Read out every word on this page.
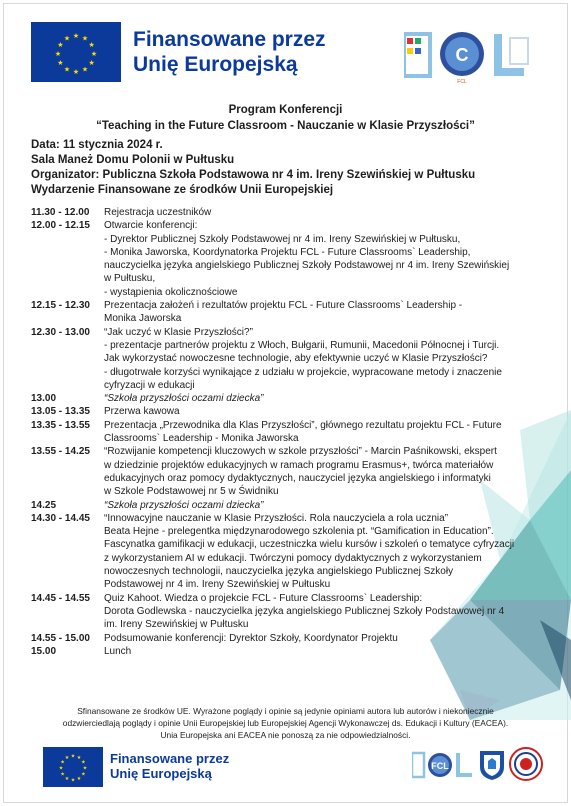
★ ★
★
★
★
★
★
★
★
★
★
★	Finansowane przez
Unię Europejską	C
FCL
Program Konferencji
“Teaching in the Future Classroom - Nauczanie w Klasie Przyszłości”
Data: 11 stycznia 2024 r.
Sala Maneż Domu Polonii w Pułtusku
Organizator: Publiczna Szkoła Podstawowa nr 4 im. Ireny Szewińskiej w Pułtusku
Wydarzenie Finansowane ze środków Unii Europejskiej
11.30 - 12.00	Rejestracja uczestników
12.00 - 12.15	Otwarcie konferencji:
- Dyrektor Publicznej Szkoły Podstawowej nr 4 im. Ireny Szewińskiej w Pułtusku,
- Monika Jaworska, Koordynatorka Projektu FCL - Future Classrooms` Leadership,
nauczycielka języka angielskiego Publicznej Szkoły Podstawowej nr 4 im. Ireny Szewińskiej
w Pułtusku,
- wystąpienia okolicznościowe
12.15 - 12.30	Prezentacja założeń i rezultatów projektu FCL - Future Classrooms` Leadership -
Monika Jaworska
12.30 - 13.00	“Jak uczyć w Klasie Przyszłości?”
- prezentacje partnerów projektu z Włoch, Bułgarii, Rumunii, Macedonii Północnej i Turcji.
Jak wykorzystać nowoczesne technologie, aby efektywnie uczyć w Klasie Przyszłości?
- długotrwałe korzyści wynikające z udziału w projekcie, wypracowane metody i znaczenie
cyfryzacji w edukacji
13.00	“Szkoła przyszłości oczami dziecka”
13.05 - 13.35	Przerwa kawowa
13.35 - 13.55	Prezentacja „Przewodnika dla Klas Przyszłości”, głównego rezultatu projektu FCL - Future
Classrooms` Leadership - Monika Jaworska
13.55 - 14.25	“Rozwijanie kompetencji kluczowych w szkole przyszłości” - Marcin Paśnikowski, ekspert
w dziedzinie projektów edukacyjnych w ramach programu Erasmus+, twórca materiałów
edukacyjnych oraz pomocy dydaktycznych, nauczyciel języka angielskiego i informatyki
w Szkole Podstawowej nr 5 w Świdniku
14.25	“Szkoła przyszłości oczami dziecka”
14.30 - 14.45	“Innowacyjne nauczanie w Klasie Przyszłości. Rola nauczyciela a rola ucznia”
Beata Hejne - prelegentka międzynarodowego szkolenia pt. “Gamification in Education”.
Fascynatka gamifikacji w edukacji, uczestniczka wielu kursów i szkoleń o tematyce cyfryzacji
z wykorzystaniem AI w edukacji. Twórczyni pomocy dydaktycznych z wykorzystaniem
nowoczesnych technologii, nauczycielka języka angielskiego Publicznej Szkoły
Podstawowej nr 4 im. Ireny Szewińskiej w Pułtusku
14.45 - 14.55	Quiz Kahoot. Wiedza o projekcie FCL - Future Classrooms` Leadership:
Dorota Godlewska - nauczycielka języka angielskiego Publicznej Szkoły Podstawowej nr 4
im. Ireny Szewińskiej w Pułtusku
14.55 - 15.00	Podsumowanie konferencji: Dyrektor Szkoły, Koordynator Projektu
15.00	Lunch
Sfinansowane ze środków UE. Wyrażone poglądy i opinie są jedynie opiniami autora lub autorów i niekoniecznie
odzwierciedlają poglądy i opinie Unii Europejskiej lub Europejskiej Agencji Wykonawczej ds. Edukacji i Kultury (EACEA).
Unia Europejska ani EACEA nie ponoszą za nie odpowiedzialności.
★ ★
★
★
★
★
★
★
★
★
★
★	Finansowane przez
Unię Europejską	FCL
